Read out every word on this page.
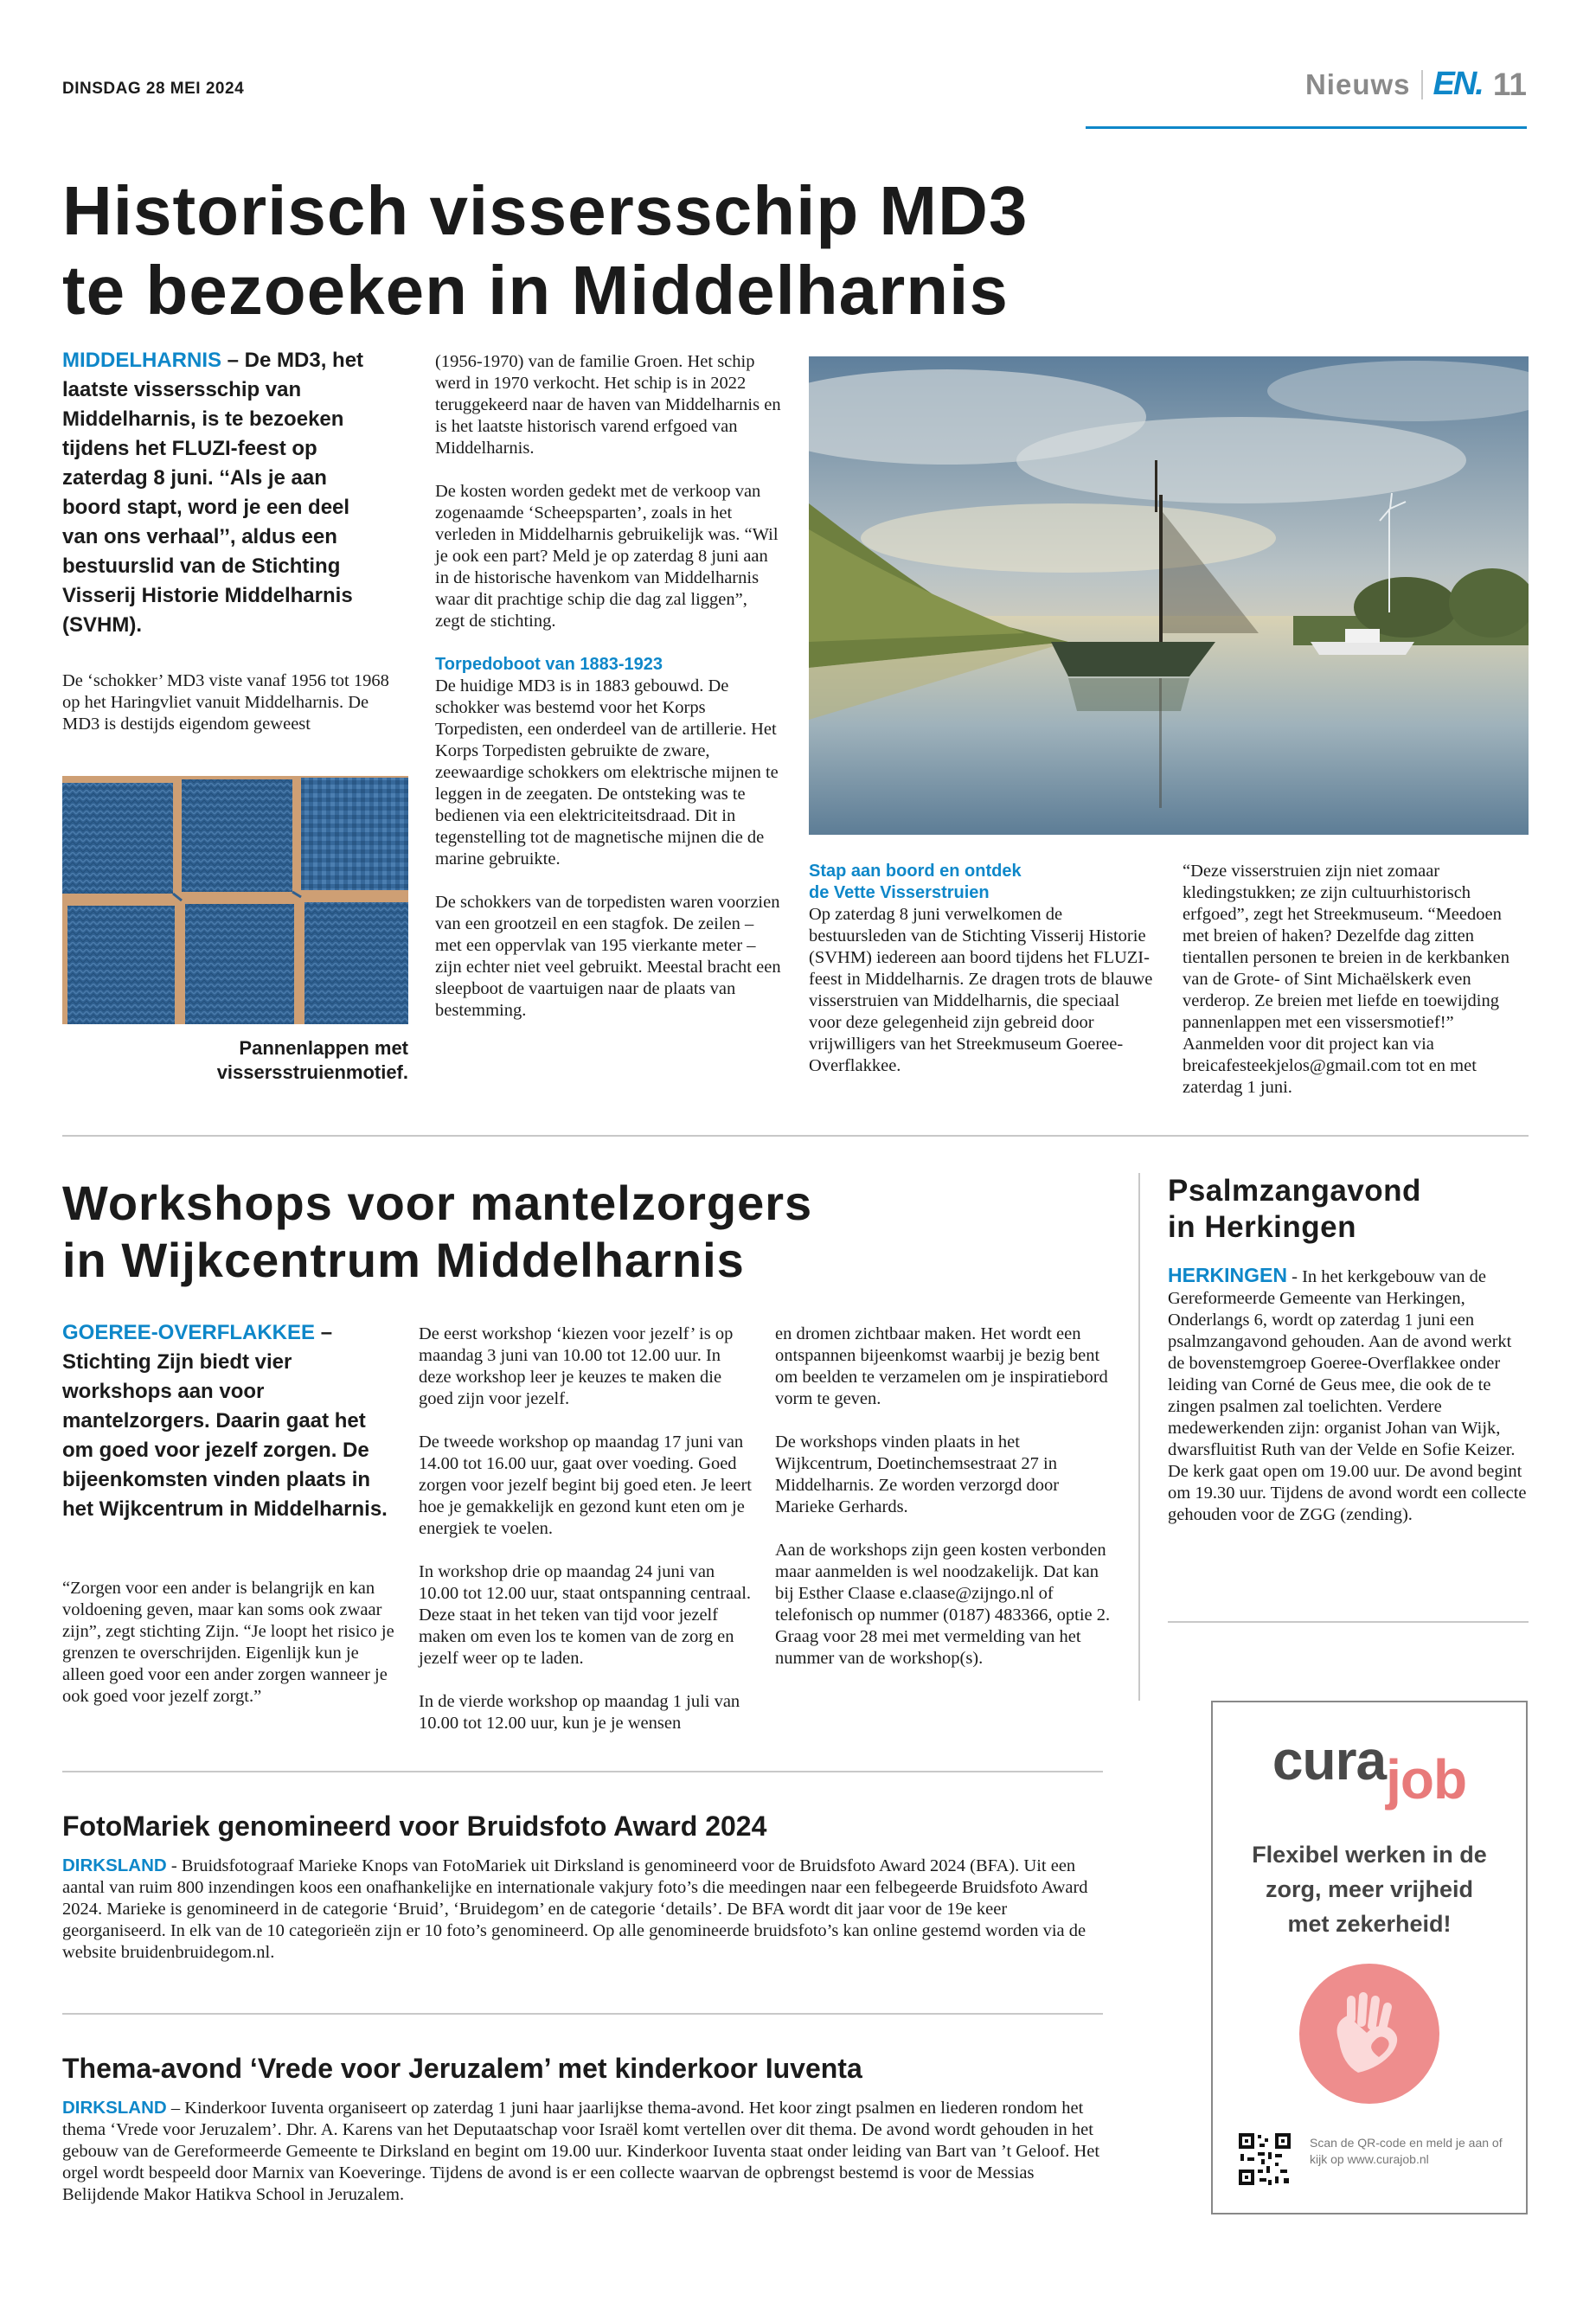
DINSDAG 28 MEI 2024	Nieuws EN. 11
Historisch vissersschip MD3
te bezoeken in Middelharnis

MIDDELHARNIS – De MD3, het laatste vissersschip van Middelharnis, is te bezoeken tijdens het FLUZI-feest op zaterdag 8 juni. ‘‘Als je aan boord stapt, word je een deel van ons verhaal’’, aldus een bestuurslid van de Stichting Visserij Historie Middelharnis (SVHM).

De ‘schokker’ MD3 viste vanaf 1956 tot 1968 op het Haringvliet vanuit Middelharnis. De MD3 is destijds eigendom geweest

Pannenlappen met vissersstruienmotief.

(1956-1970) van de familie Groen. Het schip werd in 1970 verkocht. Het schip is in 2022 teruggekeerd naar de haven van Middelharnis en is het laatste historisch varend erfgoed van Middelharnis.

De kosten worden gedekt met de verkoop van zogenaamde ‘Scheepsparten’, zoals in het verleden in Middelharnis gebruikelijk was. “Wil je ook een part? Meld je op zaterdag 8 juni aan in de historische havenkom van Middelharnis waar dit prachtige schip die dag zal liggen”, zegt de stichting.

Torpedoboot van 1883-1923

De huidige MD3 is in 1883 gebouwd. De schokker was bestemd voor het Korps Torpedisten, een onderdeel van de artillerie. Het Korps Torpedisten gebruikte de zware, zeewaardige schokkers om elektrische mijnen te leggen in de zeegaten. De ontsteking was te bedienen via een elektriciteitsdraad. Dit in tegenstelling tot de magnetische mijnen die de marine gebruikte.

De schokkers van de torpedisten waren voorzien van een grootzeil en een stagfok. De zeilen – met een oppervlak van 195 vierkante meter – zijn echter niet veel gebruikt. Meestal bracht een sleepboot de vaartuigen naar de plaats van bestemming.

Stap aan boord en ontdek
de Vette Visserstruien

Op zaterdag 8 juni verwelkomen de bestuursleden van de Stichting Visserij Historie (SVHM) iedereen aan boord tijdens het FLUZI-feest in Middelharnis. Ze dragen trots de blauwe visserstruien van Middelharnis, die speciaal voor deze gelegenheid zijn gebreid door vrijwilligers van het Streekmuseum Goeree-Overflakkee.

“Deze visserstruien zijn niet zomaar kledingstukken; ze zijn cultuurhistorisch erfgoed”, zegt het Streekmuseum. “Meedoen met breien of haken? Dezelfde dag zitten tientallen personen te breien in de kerkbanken van de Grote- of Sint Michaëlskerk even verderop. Ze breien met liefde en toewijding pannenlappen met een vissersmotief!” Aanmelden voor dit project kan via breicafesteekjelos@gmail.com tot en met zaterdag 1 juni.

Workshops voor mantelzorgers
in Wijkcentrum Middelharnis

GOEREE-OVERFLAKKEE – Stichting Zijn biedt vier workshops aan voor mantelzorgers. Daarin gaat het om goed voor jezelf zorgen. De bijeenkomsten vinden plaats in het Wijkcentrum in Middelharnis.

“Zorgen voor een ander is belangrijk en kan voldoening geven, maar kan soms ook zwaar zijn”, zegt stichting Zijn. “Je loopt het risico je grenzen te overschrijden. Eigenlijk kun je alleen goed voor een ander zorgen wanneer je ook goed voor jezelf zorgt.”

De eerst workshop ‘kiezen voor jezelf’ is op maandag 3 juni van 10.00 tot 12.00 uur. In deze workshop leer je keuzes te maken die goed zijn voor jezelf.

De tweede workshop op maandag 17 juni van 14.00 tot 16.00 uur, gaat over voeding. Goed zorgen voor jezelf begint bij goed eten. Je leert hoe je gemakkelijk en gezond kunt eten om je energiek te voelen.

In workshop drie op maandag 24 juni van 10.00 tot 12.00 uur, staat ontspanning centraal. Deze staat in het teken van tijd voor jezelf maken om even los te komen van de zorg en jezelf weer op te laden.

In de vierde workshop op maandag 1 juli van 10.00 tot 12.00 uur, kun je je wensen

en dromen zichtbaar maken. Het wordt een ontspannen bijeenkomst waarbij je bezig bent om beelden te verzamelen om je inspiratiebord vorm te geven.

De workshops vinden plaats in het Wijkcentrum, Doetinchemsestraat 27 in Middelharnis. Ze worden verzorgd door Marieke Gerhards.

Aan de workshops zijn geen kosten verbonden maar aanmelden is wel noodzakelijk. Dat kan bij Esther Claase e.claase@zijngo.nl of telefonisch op nummer (0187) 483366, optie 2. Graag voor 28 mei met vermelding van het nummer van de workshop(s).

Psalmzangavond
in Herkingen

HERKINGEN - In het kerkgebouw van de Gereformeerde Gemeente van Herkingen, Onderlangs 6, wordt op zaterdag 1 juni een psalmzangavond gehouden. Aan de avond werkt de bovenstemgroep Goeree-Overflakkee onder leiding van Corné de Geus mee, die ook de te zingen psalmen zal toelichten. Verdere medewerkenden zijn: organist Johan van Wijk, dwarsfluitist Ruth van der Velde en Sofie Keizer. De kerk gaat open om 19.00 uur. De avond begint om 19.30 uur. Tijdens de avond wordt een collecte gehouden voor de ZGG (zending).

curajob

Flexibel werken in de zorg, meer vrijheid met zekerheid!

Scan de QR-code en meld je aan of kijk op www.curajob.nl

FotoMariek genomineerd voor Bruidsfoto Award 2024

DIRKSLAND - Bruidsfotograaf Marieke Knops van FotoMariek uit Dirksland is genomineerd voor de Bruidsfoto Award 2024 (BFA). Uit een aantal van ruim 800 inzendingen koos een onafhankelijke en internationale vakjury foto’s die meedingen naar een felbegeerde Bruidsfoto Award 2024. Marieke is genomineerd in de categorie ‘Bruid’, ‘Bruidegom’ en de categorie ‘details’. De BFA wordt dit jaar voor de 19e keer georganiseerd. In elk van de 10 categorieën zijn er 10 foto’s genomineerd. Op alle genomineerde bruidsfoto’s kan online gestemd worden via de website bruidenbruidegom.nl.

Thema-avond ‘Vrede voor Jeruzalem’ met kinderkoor Iuventa

DIRKSLAND – Kinderkoor Iuventa organiseert op zaterdag 1 juni haar jaarlijkse thema-avond. Het koor zingt psalmen en liederen rondom het thema ‘Vrede voor Jeruzalem’. Dhr. A. Karens van het Deputaatschap voor Israël komt vertellen over dit thema. De avond wordt gehouden in het gebouw van de Gereformeerde Gemeente te Dirksland en begint om 19.00 uur. Kinderkoor Iuventa staat onder leiding van Bart van ’t Geloof. Het orgel wordt bespeeld door Marnix van Koeveringe. Tijdens de avond is er een collecte waarvan de opbrengst bestemd is voor de Messias Belijdende Makor Hatikva School in Jeruzalem.
